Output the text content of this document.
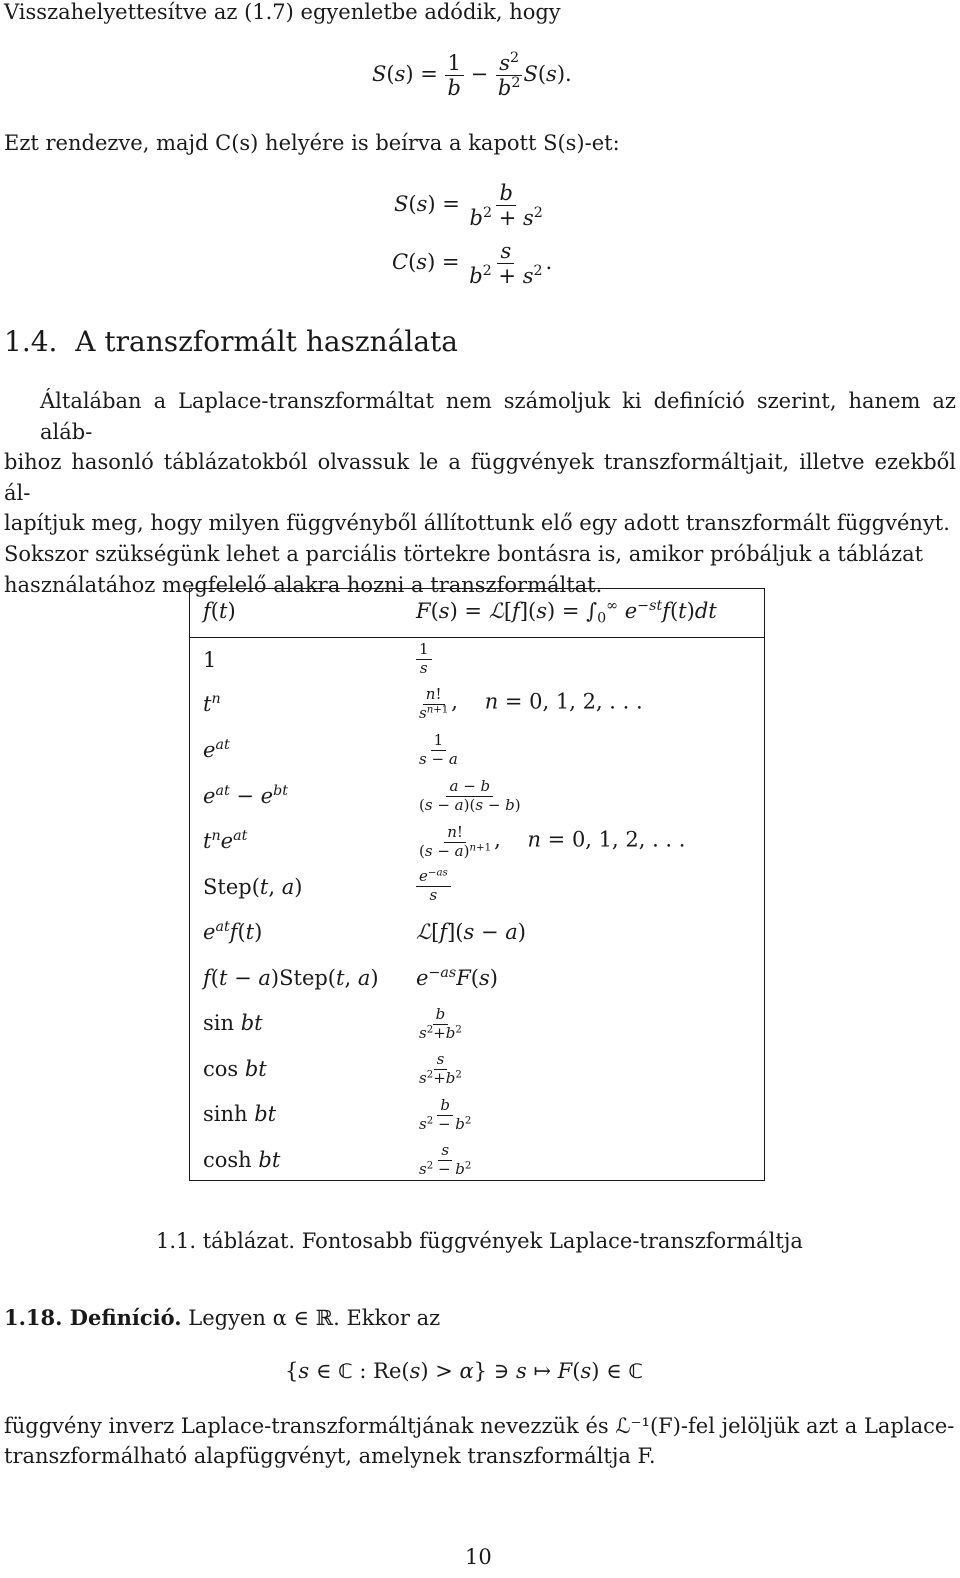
Visszahelyettesítve az (1.7) egyenletbe adódik, hogy
$S(s) = \frac{1}{b} - \frac{s^2}{b^2} S(s)$.
Ezt rendezve, majd C(s) helyére is beírva a kapott S(s)-et:
$S(s) = \frac{b}{b^2 + s^2}$
$C(s) = \frac{s}{b^2 + s^2}$ .
1.4. A transzformált használata
Általában a Laplace-transzformáltat nem számoljuk ki definíció szerint, hanem az aláb-
bihoz hasonló táblázatokból olvassuk le a függvények transzformáltjait, illetve ezekből ál-
lapítjuk meg, hogy milyen függvényből állítottunk elő egy adott transzformált függvényt.
Sokszor szükségünk lehet a parciális törtekre bontásra is, amikor próbáljuk a táblázat
használatához megfelelő alakra hozni a transzformáltat.
f(t)	F(s) = ℒ[f](s) = $\int_0^\infty$ $e^{-st}f(t)dt$
1
$t^n$
$e^{at}$
$e^{at} - e^{bt}$
$t^ne^{at}$
Step(t, a)
$e^{at}f(t)$
f(t − a)Step(t, a)
sin bt
cos bt
sinh bt
cosh bt
$\frac{1}{s}$
$\frac{n!}{s^{n+1}}$ ,    n = 0, 1, 2, . . .
$\frac{1}{s - a}$
$\frac{a - b}{(s - a)(s - b)}$
$\frac{n!}{(s - a)^{n+1}}$ ,    n = 0, 1, 2, . . .
$\frac{e^{-as}}{s}$
ℒ[f](s − a)
$e^{-as}F(s)$
$\frac{b}{s^2+b^2}$
$\frac{s}{s^2+b^2}$
$\frac{b}{s^2 - b^2}$
$\frac{s}{s^2 - b^2}$
1.1. táblázat. Fontosabb függvények Laplace-transzformáltja
1.18. Definíció. Legyen α ∈ ℝ. Ekkor az
{s ∈ ℂ : Re(s) > α} ∋ s ↦ F(s) ∈ ℂ
függvény inverz Laplace-transzformáltjának nevezzük és ℒ⁻¹(F)-fel jelöljük azt a Laplace-
transzformálható alapfüggvényt, amelynek transzformáltja F.
10
